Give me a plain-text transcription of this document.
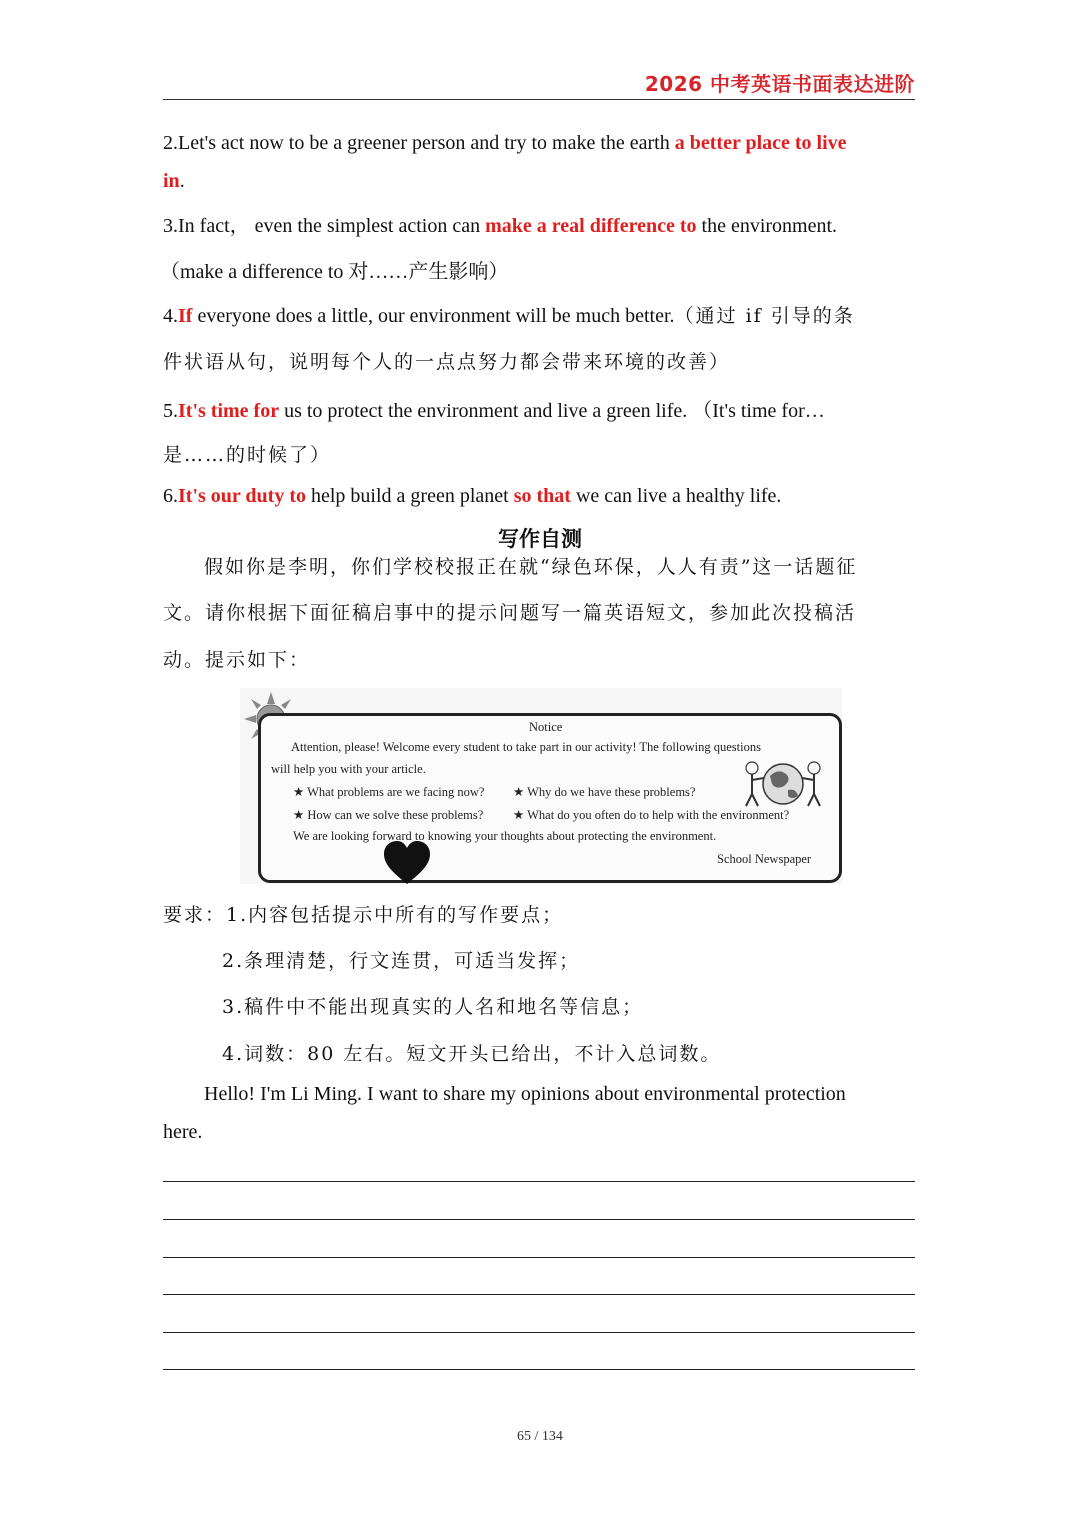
2026 中考英语书面表达进阶
2.Let's act now to be a greener person and try to make the earth a better place to live
in.
3.In fact， even the simplest action can make a real difference to the environment.
（make a difference to 对……产生影响）
4.If everyone does a little, our environment will be much better.（通过 if 引导的条
件状语从句，说明每个人的一点点努力都会带来环境的改善）
5.It's time for us to protect the environment and live a green life. （It's time for…
是……的时候了）
6.It's our duty to help build a green planet so that we can live a healthy life.
写作自测
假如你是李明，你们学校校报正在就“绿色环保，人人有责”这一话题征
文。请你根据下面征稿启事中的提示问题写一篇英语短文，参加此次投稿活
动。提示如下：
Notice
Attention, please! Welcome every student to take part in our activity! The following questions
will help you with your article.
★ What problems are we facing now? ★ Why do we have these problems?
★ How can we solve these problems? ★ What do you often do to help with the environment?
We are looking forward to knowing your thoughts about protecting the environment.
School Newspaper
要求：1.内容包括提示中所有的写作要点；
2.条理清楚，行文连贯，可适当发挥；
3.稿件中不能出现真实的人名和地名等信息；
4.词数：80 左右。短文开头已给出，不计入总词数。
Hello! I'm Li Ming. I want to share my opinions about environmental protection
here.
65 / 134
